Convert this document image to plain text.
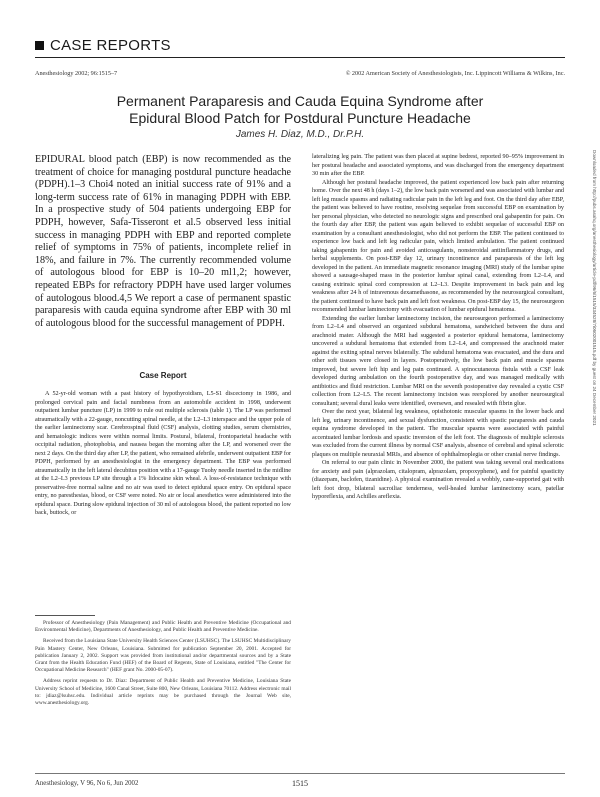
CASE REPORTS
Anesthesiology 2002; 96:1515–7	© 2002 American Society of Anesthesiologists, Inc. Lippincott Williams & Wilkins, Inc.
Permanent Paraparesis and Cauda Equina Syndrome after
Epidural Blood Patch for Postdural Puncture Headache
James H. Diaz, M.D., Dr.P.H.
EPIDURAL blood patch (EBP) is now recommended as the treatment of choice for managing postdural puncture headache (PDPH).1–3 Choi4 noted an initial success rate of 91% and a long-term success rate of 61% in managing PDPH with EBP. In a prospective study of 504 patients undergoing EBP for PDPH, however, Safa-Tisseront et al.5 observed less initial success in managing PDPH with EBP and reported complete relief of symptoms in 75% of patients, incomplete relief in 18%, and failure in 7%. The currently recommended volume of autologous blood for EBP is 10–20 ml1,2; however, repeated EBPs for refractory PDPH have used larger volumes of autologous blood.4,5 We report a case of permanent spastic paraparesis with cauda equina syndrome after EBP with 30 ml of autologous blood for the successful management of PDPH.
Case Report

A 52-yr-old woman with a past history of hypothyroidism, L5-S1 discectomy in 1986, and prolonged cervical pain and facial numbness from an automobile accident in 1998, underwent outpatient lumbar puncture (LP) in 1999 to rule out multiple sclerosis (table 1). The LP was performed atraumatically with a 22-gauge, noncutting spinal needle, at the L2–L3 interspace and the upper pole of the earlier laminectomy scar. Cerebrospinal fluid (CSF) analysis, clotting studies, serum chemistries, and hematologic indices were within normal limits. Postural, bilateral, frontoparietal headache with occipital radiation, photophobia, and nausea began the morning after the LP, and worsened over the next 2 days. On the third day after LP, the patient, who remained afebrile, underwent outpatient EBP for PDPH, performed by an anesthesiologist in the emergency department. The EBP was performed atraumatically in the left lateral decubitus position with a 17-gauge Tuohy needle inserted in the midline at the L2–L3 previous LP site through a 1% lidocaine skin wheal. A loss-of-resistance technique with preservative-free normal saline and no air was used to detect epidural space entry. On epidural space entry, no paresthesias, blood, or CSF were noted. No air or local anesthetics were administered into the epidural space. During slow epidural injection of 30 ml of autologous blood, the patient reported no low back, buttock, or

Professor of Anesthesiology (Pain Management) and Public Health and Preventive Medicine (Occupational and Environmental Medicine), Departments of Anesthesiology, and Public Health and Preventive Medicine.

Received from the Louisiana State University Health Sciences Center (LSUHSC). The LSUHSC Multidisciplinary Pain Mastery Center, New Orleans, Louisiana. Submitted for publication September 20, 2001. Accepted for publication January 2, 2002. Support was provided from institutional and/or departmental sources and by a State Grant from the Health Education Fund (HEF) of the Board of Regents, State of Louisiana, entitled "The Center for Occupational Medicine Research" (HEF grant No. 2000-05-07).

Address reprint requests to Dr. Diaz: Department of Public Health and Preventive Medicine, Louisiana State University School of Medicine, 1600 Canal Street, Suite 800, New Orleans, Louisiana 70112. Address electronic mail to: jdiaz@lsuhsc.edu. Individual article reprints may be purchased through the Journal Web site, www.anesthesiology.org.

lateralizing leg pain. The patient was then placed at supine bedrest, reported 90–95% improvement in her postural headache and associated symptoms, and was discharged from the emergency department 30 min after the EBP.

Although her postural headache improved, the patient experienced low back pain after returning home. Over the next 48 h (days 1–2), the low back pain worsened and was associated with lumbar and left leg muscle spasms and radiating radicular pain in the left leg and foot. On the third day after EBP, the patient was believed to have routine, resolving sequelae from successful EBP on examination by her personal physician, who detected no neurologic signs and prescribed oral gabapentin for pain. On the fourth day after EBP, the patient was again believed to exhibit sequelae of successful EBP on examination by a consultant anesthesiologist, who did not perform the EBP. The patient continued to experience low back and left leg radicular pain, which limited ambulation. The patient continued taking gabapentin for pain and avoided anticoagulants, nonsteroidal antiinflammatory drugs, and herbal supplements. On post-EBP day 12, urinary incontinence and paraparesis of the left leg developed in the patient. An immediate magnetic resonance imaging (MRI) study of the lumbar spine showed a sausage-shaped mass in the posterior lumbar spinal canal, extending from L2–L4, and causing extrinsic spinal cord compression at L2–L3. Despite improvement in back pain and leg weakness after 24 h of intravenous dexamethasone, as recommended by the neurosurgical consultant, the patient continued to have back pain and left foot weakness. On post-EBP day 15, the neurosurgeon recommended lumbar laminectomy with evacuation of lumbar epidural hematoma.

Extending the earlier lumbar laminectomy incision, the neurosurgeon performed a laminectomy from L2–L4 and observed an organized subdural hematoma, sandwiched between the dura and arachnoid mater. Although the MRI had suggested a posterior epidural hematoma, laminectomy uncovered a subdural hematoma that extended from L2–L4, and compressed the arachnoid mater against the exiting spinal nerves bilaterally. The subdural hematoma was evacuated, and the dura and other soft tissues were closed in layers. Postoperatively, the low back pain and muscle spasms improved, but severe left hip and leg pain continued. A spinocutaneous fistula with a CSF leak developed during ambulation on the fourth postoperative day, and was managed medically with antibiotics and fluid restriction. Lumbar MRI on the seventh postoperative day revealed a cystic CSF collection from L2–L5. The recent laminectomy incision was reexplored by another neurosurgical consultant; several dural leaks were identified, oversewn, and resealed with fibrin glue.

Over the next year, bilateral leg weakness, opisthotonic muscular spasms in the lower back and left leg, urinary incontinence, and sexual dysfunction, consistent with spastic paraparesis and cauda equina syndrome developed in the patient. The muscular spasms were associated with painful accentuated lumbar lordosis and spastic inversion of the left foot. The diagnosis of multiple sclerosis was excluded from the current illness by normal CSF analysis, absence of cerebral and spinal sclerotic plaques on multiple neuraxial MRIs, and absence of ophthalmoplegia or other cranial nerve findings.

On referral to our pain clinic in November 2000, the patient was taking several oral medications for anxiety and pain (alprazolam, citalopram, alprazolam, propoxyphene), and for painful spasticity (diazepam, baclofen, tizanidine). A physical examination revealed a wobbly, cane-supported gait with left foot drop, bilateral sacroiliac tenderness, well-healed lumbar laminectomy scars, patellar hyporeflexia, and Achilles areflexia.

Downloaded from http://pubs.asahq.org/anesthesiology/article-pdf/96/6/1515/334528/7i0602001515.pdf by guest on 24 December 2021
Anesthesiology, V 96, No 6, Jun 2002	1515
